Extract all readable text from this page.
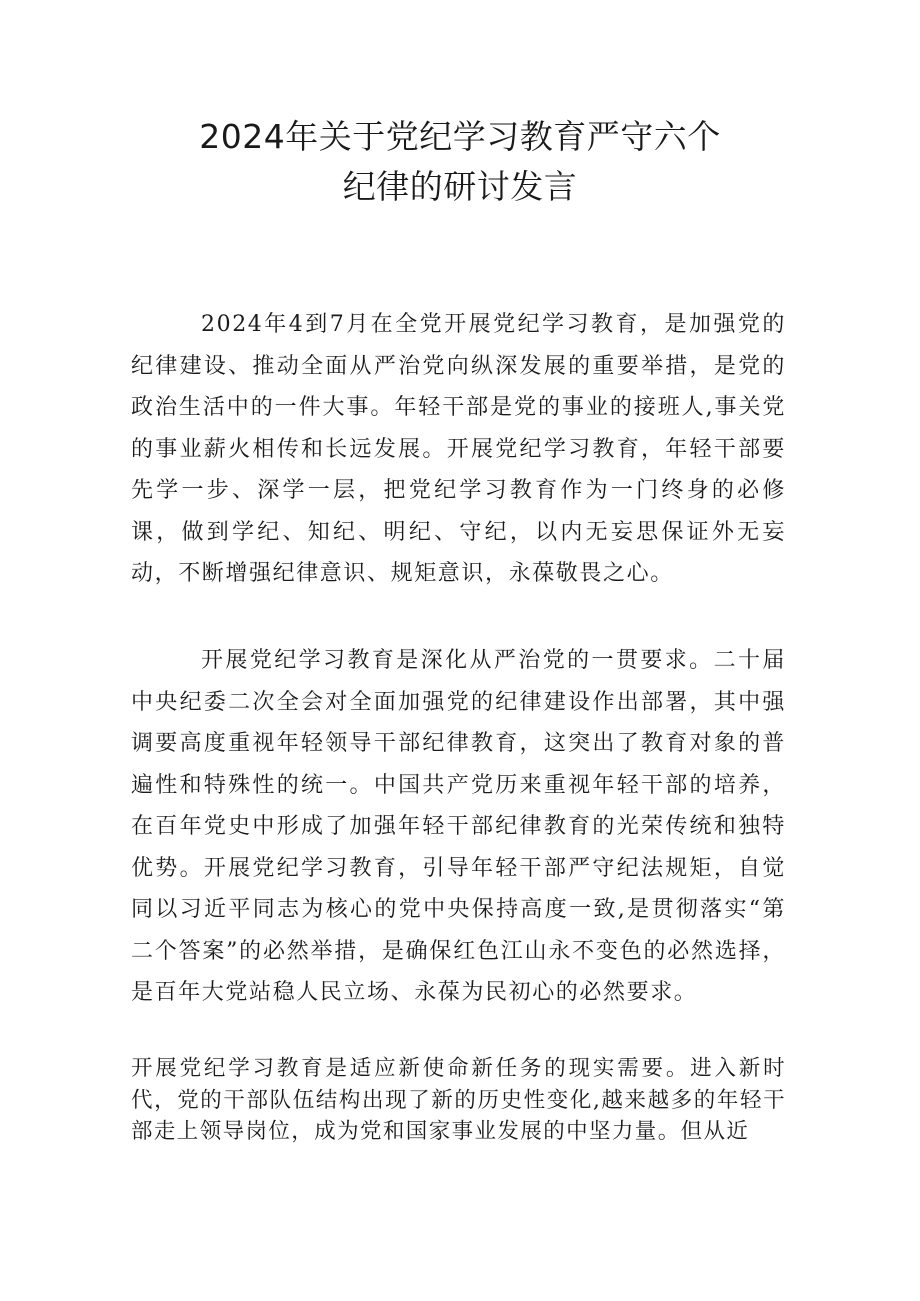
2024年关于党纪学习教育严守六个
纪律的研讨发言

2024年4到7月在全党开展党纪学习教育，是加强党的纪律建设、推动全面从严治党向纵深发展的重要举措，是党的政治生活中的一件大事。年轻干部是党的事业的接班人,事关党的事业薪火相传和长远发展。开展党纪学习教育，年轻干部要先学一步、深学一层，把党纪学习教育作为一门终身的必修课，做到学纪、知纪、明纪、守纪，以内无妄思保证外无妄动，不断增强纪律意识、规矩意识，永葆敬畏之心。

开展党纪学习教育是深化从严治党的一贯要求。二十届中央纪委二次全会对全面加强党的纪律建设作出部署，其中强调要高度重视年轻领导干部纪律教育，这突出了教育对象的普遍性和特殊性的统一。中国共产党历来重视年轻干部的培养，在百年党史中形成了加强年轻干部纪律教育的光荣传统和独特优势。开展党纪学习教育，引导年轻干部严守纪法规矩，自觉同以习近平同志为核心的党中央保持高度一致,是贯彻落实“第二个答案”的必然举措，是确保红色江山永不变色的必然选择，是百年大党站稳人民立场、永葆为民初心的必然要求。

开展党纪学习教育是适应新使命新任务的现实需要。进入新时代，党的干部队伍结构出现了新的历史性变化,越来越多的年轻干部走上领导岗位，成为党和国家事业发展的中坚力量。但从近
